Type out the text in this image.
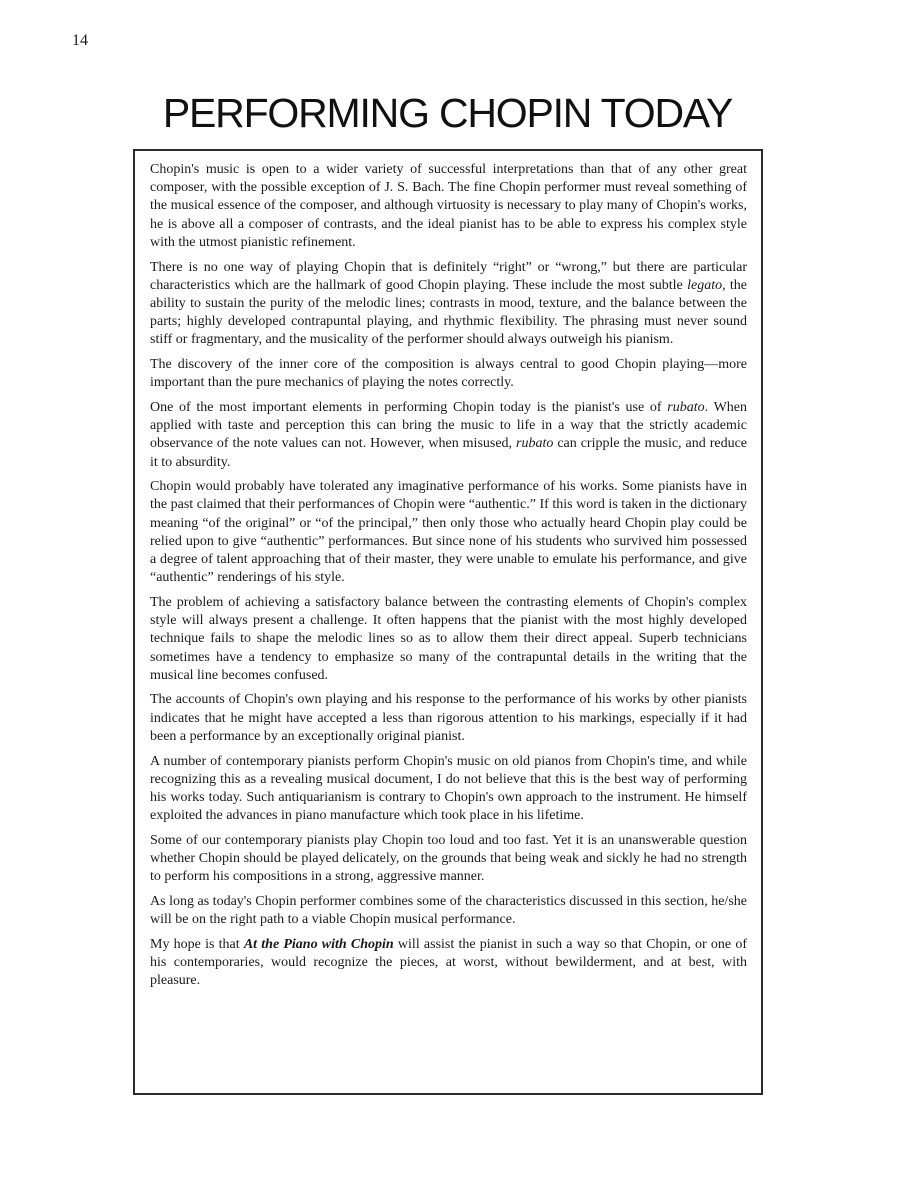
14
PERFORMING CHOPIN TODAY

Chopin's music is open to a wider variety of successful interpretations than that of any other great composer, with the possible exception of J. S. Bach. The fine Chopin performer must reveal something of the musical essence of the composer, and although virtuosity is necessary to play many of Chopin's works, he is above all a composer of contrasts, and the ideal pianist has to be able to express his complex style with the utmost pianistic refinement.

There is no one way of playing Chopin that is definitely “right” or “wrong,” but there are particular characteristics which are the hallmark of good Chopin playing. These include the most subtle legato, the ability to sustain the purity of the melodic lines; contrasts in mood, texture, and the balance between the parts; highly developed contrapuntal playing, and rhythmic flexibility. The phrasing must never sound stiff or fragmentary, and the musicality of the performer should always outweigh his pianism.

The discovery of the inner core of the composition is always central to good Chopin playing—more important than the pure mechanics of playing the notes correctly.

One of the most important elements in performing Chopin today is the pianist's use of rubato. When applied with taste and perception this can bring the music to life in a way that the strictly academic observance of the note values can not. However, when misused, rubato can cripple the music, and reduce it to absurdity.

Chopin would probably have tolerated any imaginative performance of his works. Some pianists have in the past claimed that their performances of Chopin were “authentic.” If this word is taken in the dictionary meaning “of the original” or “of the principal,” then only those who actually heard Chopin play could be relied upon to give “authentic” performances. But since none of his students who survived him possessed a degree of talent approaching that of their master, they were unable to emulate his performance, and give “authentic” renderings of his style.

The problem of achieving a satisfactory balance between the contrasting elements of Chopin's complex style will always present a challenge. It often happens that the pianist with the most highly developed technique fails to shape the melodic lines so as to allow them their direct appeal. Superb technicians sometimes have a tendency to emphasize so many of the contrapuntal details in the writing that the musical line becomes confused.

The accounts of Chopin's own playing and his response to the performance of his works by other pianists indicates that he might have accepted a less than rigorous attention to his markings, especially if it had been a performance by an exceptionally original pianist.

A number of contemporary pianists perform Chopin's music on old pianos from Chopin's time, and while recognizing this as a revealing musical document, I do not believe that this is the best way of performing his works today. Such antiquarianism is contrary to Chopin's own approach to the instrument. He himself exploited the advances in piano manufacture which took place in his lifetime.

Some of our contemporary pianists play Chopin too loud and too fast. Yet it is an unanswerable question whether Chopin should be played delicately, on the grounds that being weak and sickly he had no strength to perform his compositions in a strong, aggressive manner.

As long as today's Chopin performer combines some of the characteristics discussed in this section, he/she will be on the right path to a viable Chopin musical performance.

My hope is that At the Piano with Chopin will assist the pianist in such a way so that Chopin, or one of his contemporaries, would recognize the pieces, at worst, without bewilderment, and at best, with pleasure.
